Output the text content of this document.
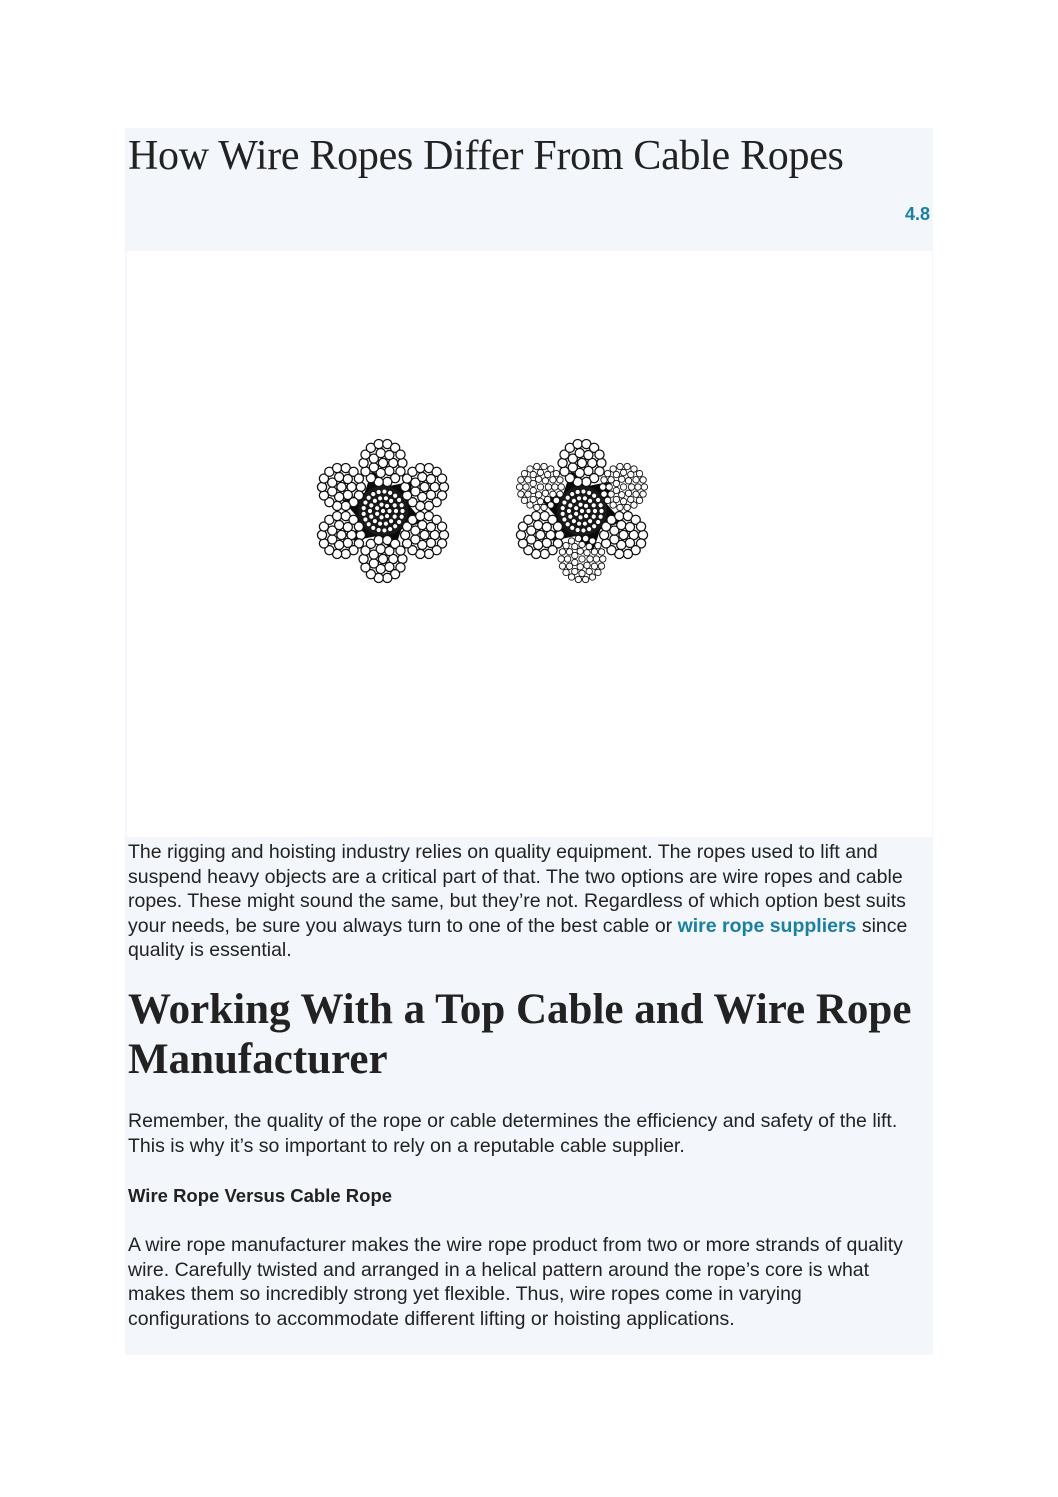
How Wire Ropes Differ From Cable Ropes
4.8

The rigging and hoisting industry relies on quality equipment. The ropes used to lift and suspend heavy objects are a critical part of that. The two options are wire ropes and cable ropes. These might sound the same, but they’re not. Regardless of which option best suits your needs, be sure you always turn to one of the best cable or wire rope suppliers since quality is essential.

Working With a Top Cable and Wire Rope Manufacturer

Remember, the quality of the rope or cable determines the efficiency and safety of the lift. This is why it’s so important to rely on a reputable cable supplier.

Wire Rope Versus Cable Rope

A wire rope manufacturer makes the wire rope product from two or more strands of quality wire. Carefully twisted and arranged in a helical pattern around the rope’s core is what makes them so incredibly strong yet flexible. Thus, wire ropes come in varying configurations to accommodate different lifting or hoisting applications.
